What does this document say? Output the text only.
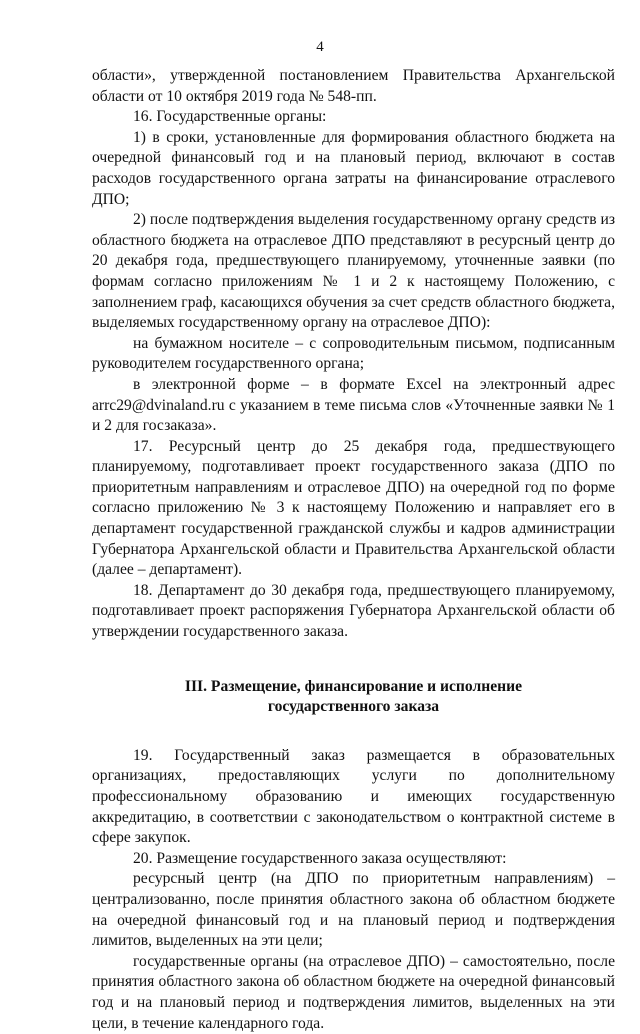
4

области», утвержденной постановлением Правительства Архангельской области от 10 октября 2019 года № 548-пп.

16. Государственные органы:

1) в сроки, установленные для формирования областного бюджета на очередной финансовый год и на плановый период, включают в состав расходов государственного органа затраты на финансирование отраслевого ДПО;

2) после подтверждения выделения государственному органу средств из областного бюджета на отраслевое ДПО представляют в ресурсный центр до 20 декабря года, предшествующего планируемому, уточненные заявки (по формам согласно приложениям № 1 и 2 к настоящему Положению, с заполнением граф, касающихся обучения за счет средств областного бюджета, выделяемых государственному органу на отраслевое ДПО):

на бумажном носителе – с сопроводительным письмом, подписанным руководителем государственного органа;

в электронной форме – в формате Excel на электронный адрес arrc29@dvinaland.ru с указанием в теме письма слов «Уточненные заявки № 1 и 2 для госзаказа».

17. Ресурсный центр до 25 декабря года, предшествующего планируемому, подготавливает проект государственного заказа (ДПО по приоритетным направлениям и отраслевое ДПО) на очередной год по форме согласно приложению № 3 к настоящему Положению и направляет его в департамент государственной гражданской службы и кадров администрации Губернатора Архангельской области и Правительства Архангельской области (далее – департамент).

18. Департамент до 30 декабря года, предшествующего планируемому, подготавливает проект распоряжения Губернатора Архангельской области об утверждении государственного заказа.

III. Размещение, финансирование и исполнение
государственного заказа

19. Государственный заказ размещается в образовательных организациях, предоставляющих услуги по дополнительному профессиональному образованию и имеющих государственную аккредитацию, в соответствии с законодательством о контрактной системе в сфере закупок.

20. Размещение государственного заказа осуществляют:

ресурсный центр (на ДПО по приоритетным направлениям) – централизованно, после принятия областного закона об областном бюджете на очередной финансовый год и на плановый период и подтверждения лимитов, выделенных на эти цели;

государственные органы (на отраслевое ДПО) – самостоятельно, после принятия областного закона об областном бюджете на очередной финансовый год и на плановый период и подтверждения лимитов, выделенных на эти цели, в течение календарного года.
